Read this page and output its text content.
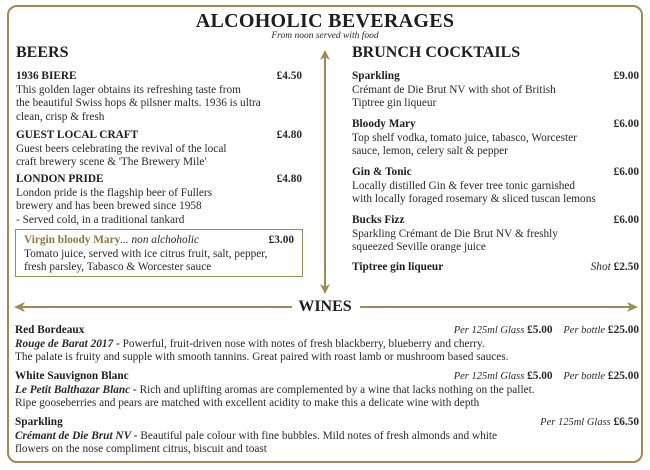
ALCOHOLIC BEVERAGES
From noon served with food
BEERS	BRUNCH COCKTAILS
1936 BIERE	£4.50
This golden lager obtains its refreshing taste from
the beautiful Swiss hops & pilsner malts. 1936 is ultra
clean, crisp & fresh
GUEST LOCAL CRAFT	£4.80
Guest beers celebrating the revival of the local
craft brewery scene & 'The Brewery Mile'
LONDON PRIDE	£4.80
London pride is the flagship beer of Fullers
brewery and has been brewed since 1958
- Served cold, in a traditional tankard
Virgin bloody Mary... non alchoholic	£3.00
Tomato juice, served with ice citrus fruit, salt, pepper,
fresh parsley, Tabasco & Worcester sauce
Sparkling	£9.00
Crémant de Die Brut NV with shot of British
Tiptree gin liqueur
Bloody Mary	£6.00
Top shelf vodka, tomato juice, tabasco, Worcester
sauce, lemon, celery salt & pepper
Gin & Tonic	£6.00
Locally distilled Gin & fever tree tonic garnished
with locally foraged rosemary & sliced tuscan lemons
Bucks Fizz	£6.00
Sparkling Crémant de Die Brut NV & freshly
squeezed Seville orange juice
Tiptree gin liqueur	Shot £2.50
WINES
Red Bordeaux	Per 125ml Glass £5.00 Per bottle £25.00
Rouge de Barat 2017 - Powerful, fruit-driven nose with notes of fresh blackberry, blueberry and cherry.
The palate is fruity and supple with smooth tannins. Great paired with roast lamb or mushroom based sauces.
White Sauvignon Blanc	Per 125ml Glass £5.00 Per bottle £25.00
Le Petit Balthazar Blanc - Rich and uplifting aromas are complemented by a wine that lacks nothing on the pallet.
Ripe gooseberries and pears are matched with excellent acidity to make this a delicate wine with depth
Sparkling	Per 125ml Glass £6.50
Crémant de Die Brut NV - Beautiful pale colour with fine bubbles. Mild notes of fresh almonds and white
flowers on the nose compliment citrus, biscuit and toast
